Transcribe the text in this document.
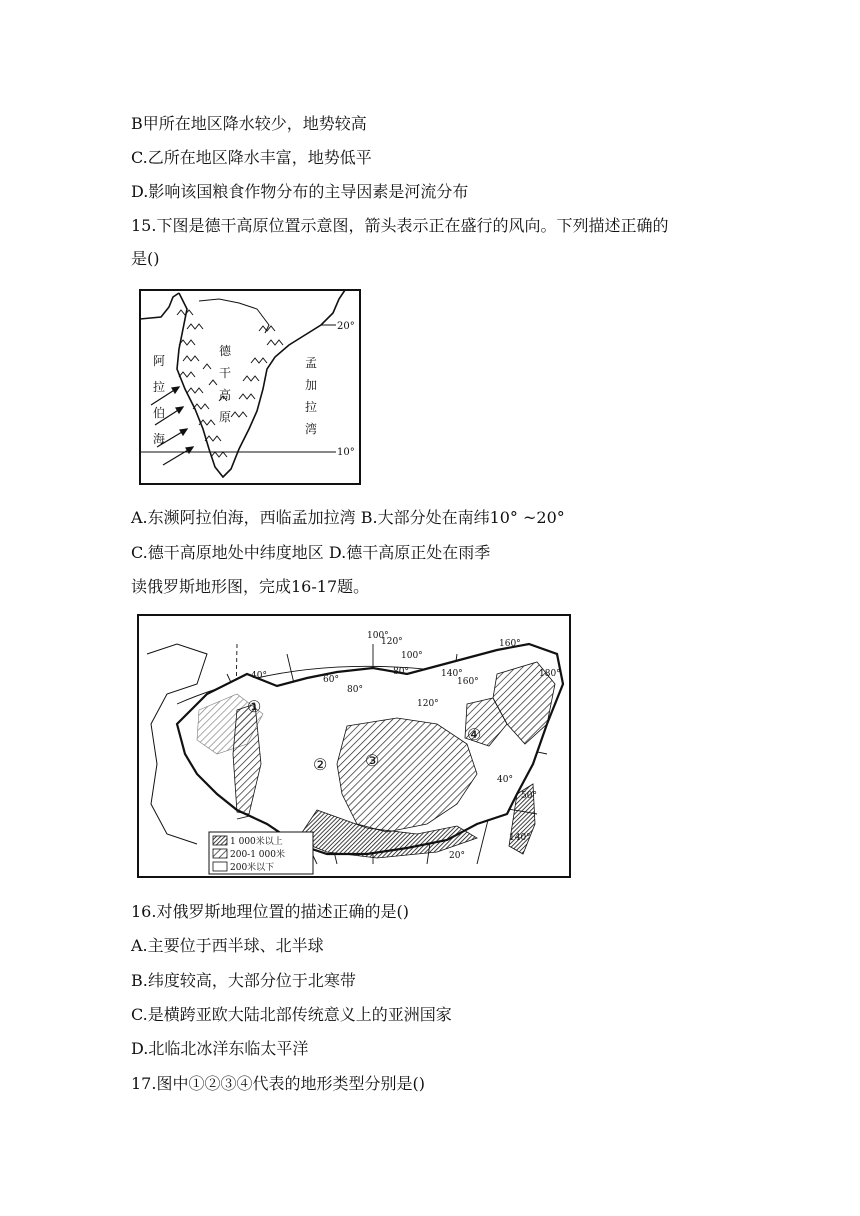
B甲所在地区降水较少，地势较高
C.乙所在地区降水丰富，地势低平
D.影响该国粮食作物分布的主导因素是河流分布
15.下图是德干高原位置示意图，箭头表示正在盛行的风向。下列描述正确的
是()
阿
拉
伯
海
德
干
高
原
孟
加
拉
湾
20°
10°
A.东濒阿拉伯海，西临孟加拉湾 B.大部分处在南纬10° ~20°
C.德干高原地处中纬度地区 D.德干高原正处在雨季
读俄罗斯地形图，完成16-17题。
①
② ③
④
100°
60°
80°
80°
100°
120°
140°
160°
40°
160°
180°
140°
120°
20°
50°
40°
1 000米以上
200-1 000米
200米以下
16.对俄罗斯地理位置的描述正确的是()
A.主要位于西半球、北半球
B.纬度较高，大部分位于北寒带
C.是横跨亚欧大陆北部传统意义上的亚洲国家
D.北临北冰洋东临太平洋
17.图中①②③④代表的地形类型分别是()
